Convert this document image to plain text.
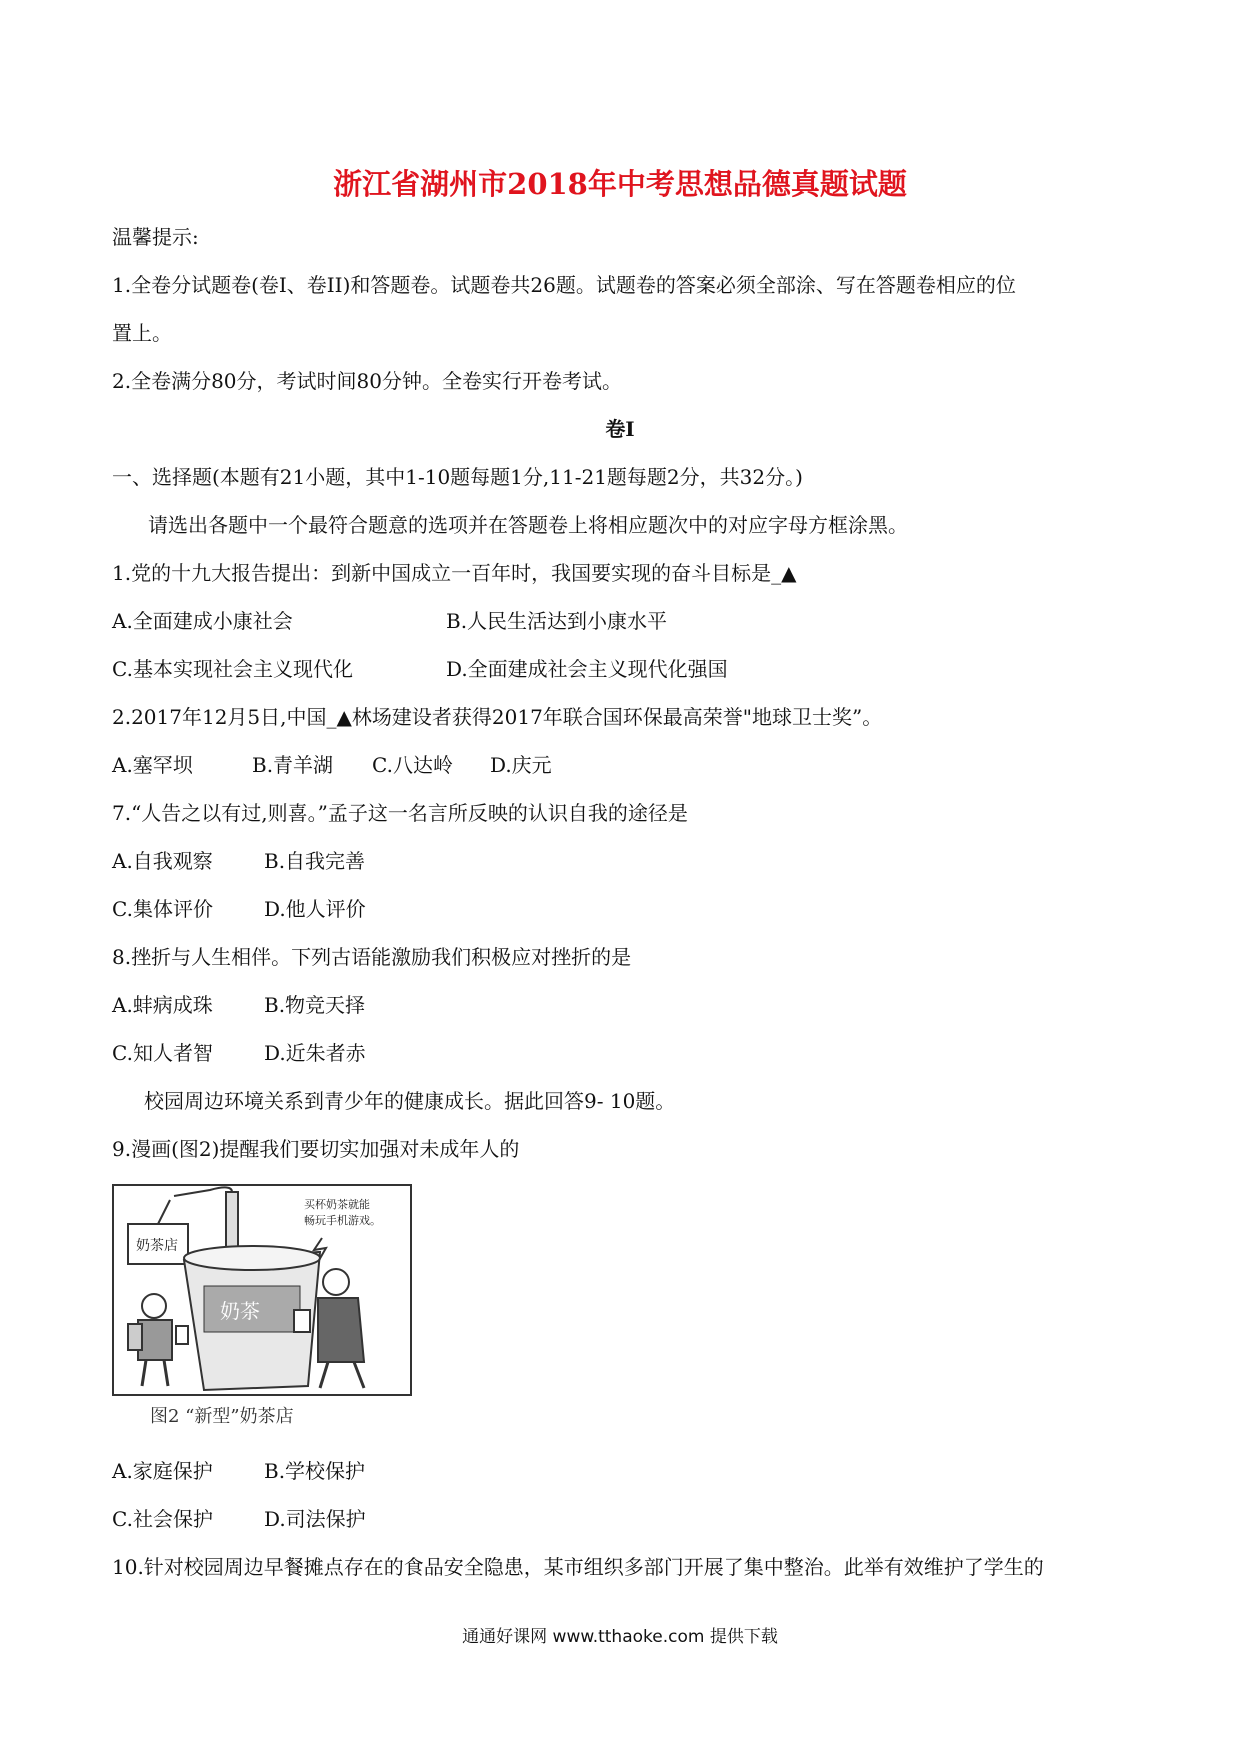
浙江省湖州市2018年中考思想品德真题试题
温馨提示:
1.全卷分试题卷(卷I、卷II)和答题卷。试题卷共26题。试题卷的答案必须全部涂、写在答题卷相应的位
置上。
2.全卷满分80分，考试时间80分钟。全卷实行开卷考试。
卷I
一、选择题(本题有21小题，其中1-10题每题1分,11-21题每题2分，共32分。)
请选出各题中一个最符合题意的选项并在答题卷上将相应题次中的对应字母方框涂黑。
1.党的十九大报告提出：到新中国成立一百年时，我国要实现的奋斗目标是_▲
A.全面建成小康社会	B.人民生活达到小康水平
C.基本实现社会主义现代化	D.全面建成社会主义现代化强国
2.2017年12月5日,中国_▲林场建设者获得2017年联合国环保最高荣誉"地球卫士奖”。
A.塞罕坝	B.青羊湖 C.八达岭 D.庆元
7.“人告之以有过,则喜。”孟子这一名言所反映的认识自我的途径是
A.自我观察	B.自我完善
C.集体评价	D.他人评价
8.挫折与人生相伴。下列古语能激励我们积极应对挫折的是
A.蚌病成珠	B.物竞天择
C.知人者智	D.近朱者赤
校园周边环境关系到青少年的健康成长。据此回答9- 10题。
9.漫画(图2)提醒我们要切实加强对未成年人的
奶茶店
奶茶
买杯奶茶就能
畅玩手机游戏。
图2 “新型”奶茶店
A.家庭保护	B.学校保护
C.社会保护	D.司法保护
10.针对校园周边早餐摊点存在的食品安全隐患，某市组织多部门开展了集中整治。此举有效维护了学生的
通通好课网 www.tthaoke.com 提供下载
